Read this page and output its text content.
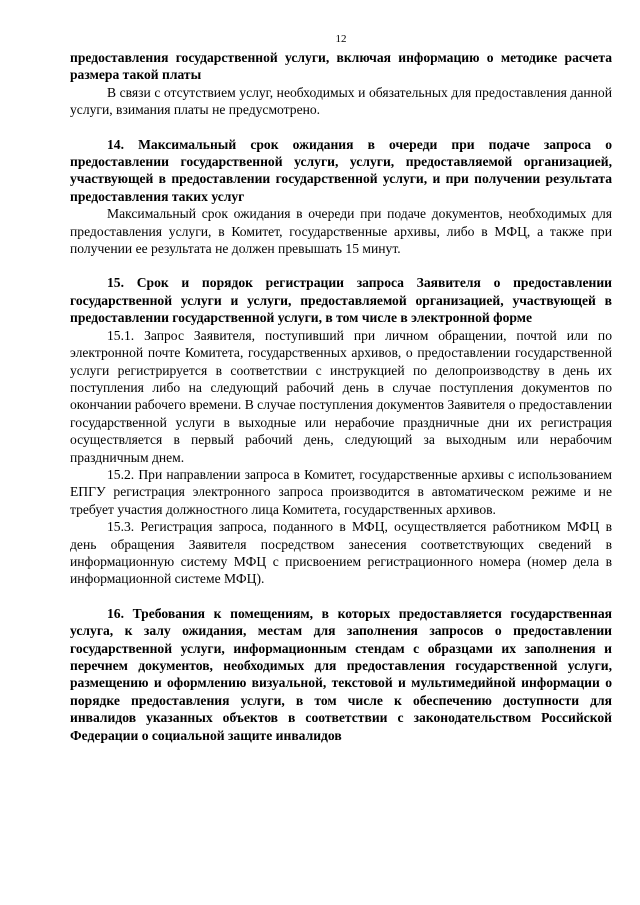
12

предоставления государственной услуги, включая информацию о методике расчета размера такой платы

В связи с отсутствием услуг, необходимых и обязательных для предоставления данной услуги, взимания платы не предусмотрено.

14. Максимальный срок ожидания в очереди при подаче запроса о предоставлении государственной услуги, услуги, предоставляемой организацией, участвующей в предоставлении государственной услуги, и при получении результата предоставления таких услуг

Максимальный срок ожидания в очереди при подаче документов, необходимых для предоставления услуги, в Комитет, государственные архивы, либо в МФЦ, а также при получении ее результата не должен превышать 15 минут.

15. Срок и порядок регистрации запроса Заявителя о предоставлении государственной услуги и услуги, предоставляемой организацией, участвующей в предоставлении государственной услуги, в том числе в электронной форме

15.1. Запрос Заявителя, поступивший при личном обращении, почтой или по электронной почте Комитета, государственных архивов, о предоставлении государственной услуги регистрируется в соответствии с инструкцией по делопроизводству в день их поступления либо на следующий рабочий день в случае поступления документов по окончании рабочего времени. В случае поступления документов Заявителя о предоставлении государственной услуги в выходные или нерабочие праздничные дни их регистрация осуществляется в первый рабочий день, следующий за выходным или нерабочим праздничным днем.

15.2. При направлении запроса в Комитет, государственные архивы с использованием ЕПГУ регистрация электронного запроса производится в автоматическом режиме и не требует участия должностного лица Комитета, государственных архивов.

15.3. Регистрация запроса, поданного в МФЦ, осуществляется работником МФЦ в день обращения Заявителя посредством занесения соответствующих сведений в информационную систему МФЦ с присвоением регистрационного номера (номер дела в информационной системе МФЦ).

16. Требования к помещениям, в которых предоставляется государственная услуга, к залу ожидания, местам для заполнения запросов о предоставлении государственной услуги, информационным стендам с образцами их заполнения и перечнем документов, необходимых для предоставления государственной услуги, размещению и оформлению визуальной, текстовой и мультимедийной информации о порядке предоставления услуги, в том числе к обеспечению доступности для инвалидов указанных объектов в соответствии с законодательством Российской Федерации о социальной защите инвалидов
